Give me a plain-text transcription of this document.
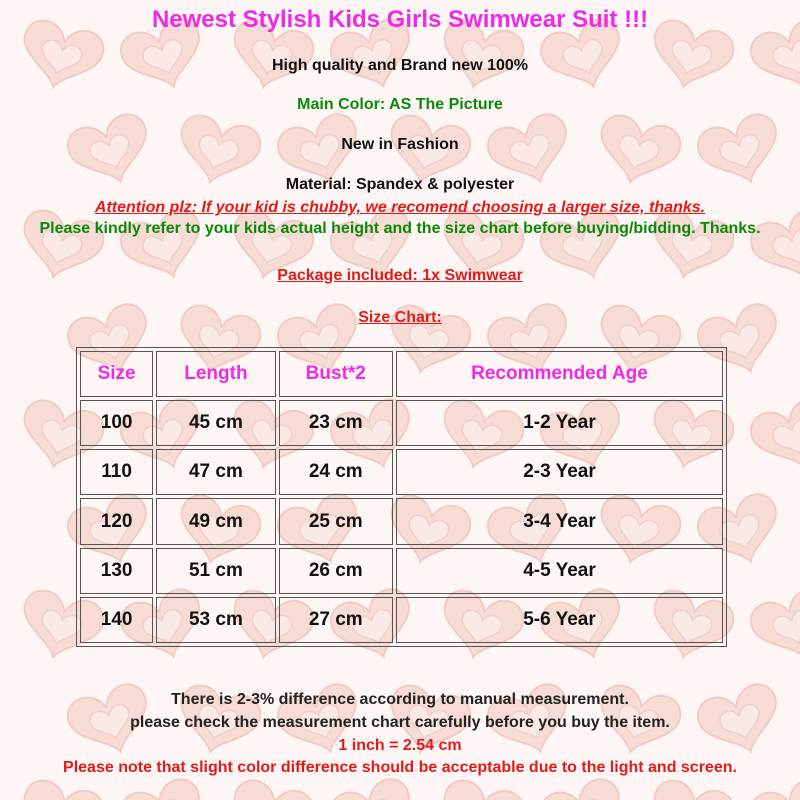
Newest Stylish Kids Girls Swimwear Suit !!!
High quality and Brand new 100%
Main Color: AS The Picture
New in Fashion
Material: Spandex & polyester
Attention plz: If your kid is chubby, we recomend choosing a larger size, thanks.
Please kindly refer to your kids actual height and the size chart before buying/bidding. Thanks.
Package included: 1x Swimwear
Size Chart:
Size	Length	Bust*2	Recommended Age
100	45 cm	23 cm	1-2 Year
110	47 cm	24 cm	2-3 Year
120	49 cm	25 cm	3-4 Year
130	51 cm	26 cm	4-5 Year
140	53 cm	27 cm	5-6 Year
There is 2-3% difference according to manual measurement.
please check the measurement chart carefully before you buy the item.
1 inch = 2.54 cm
Please note that slight color difference should be acceptable due to the light and screen.
